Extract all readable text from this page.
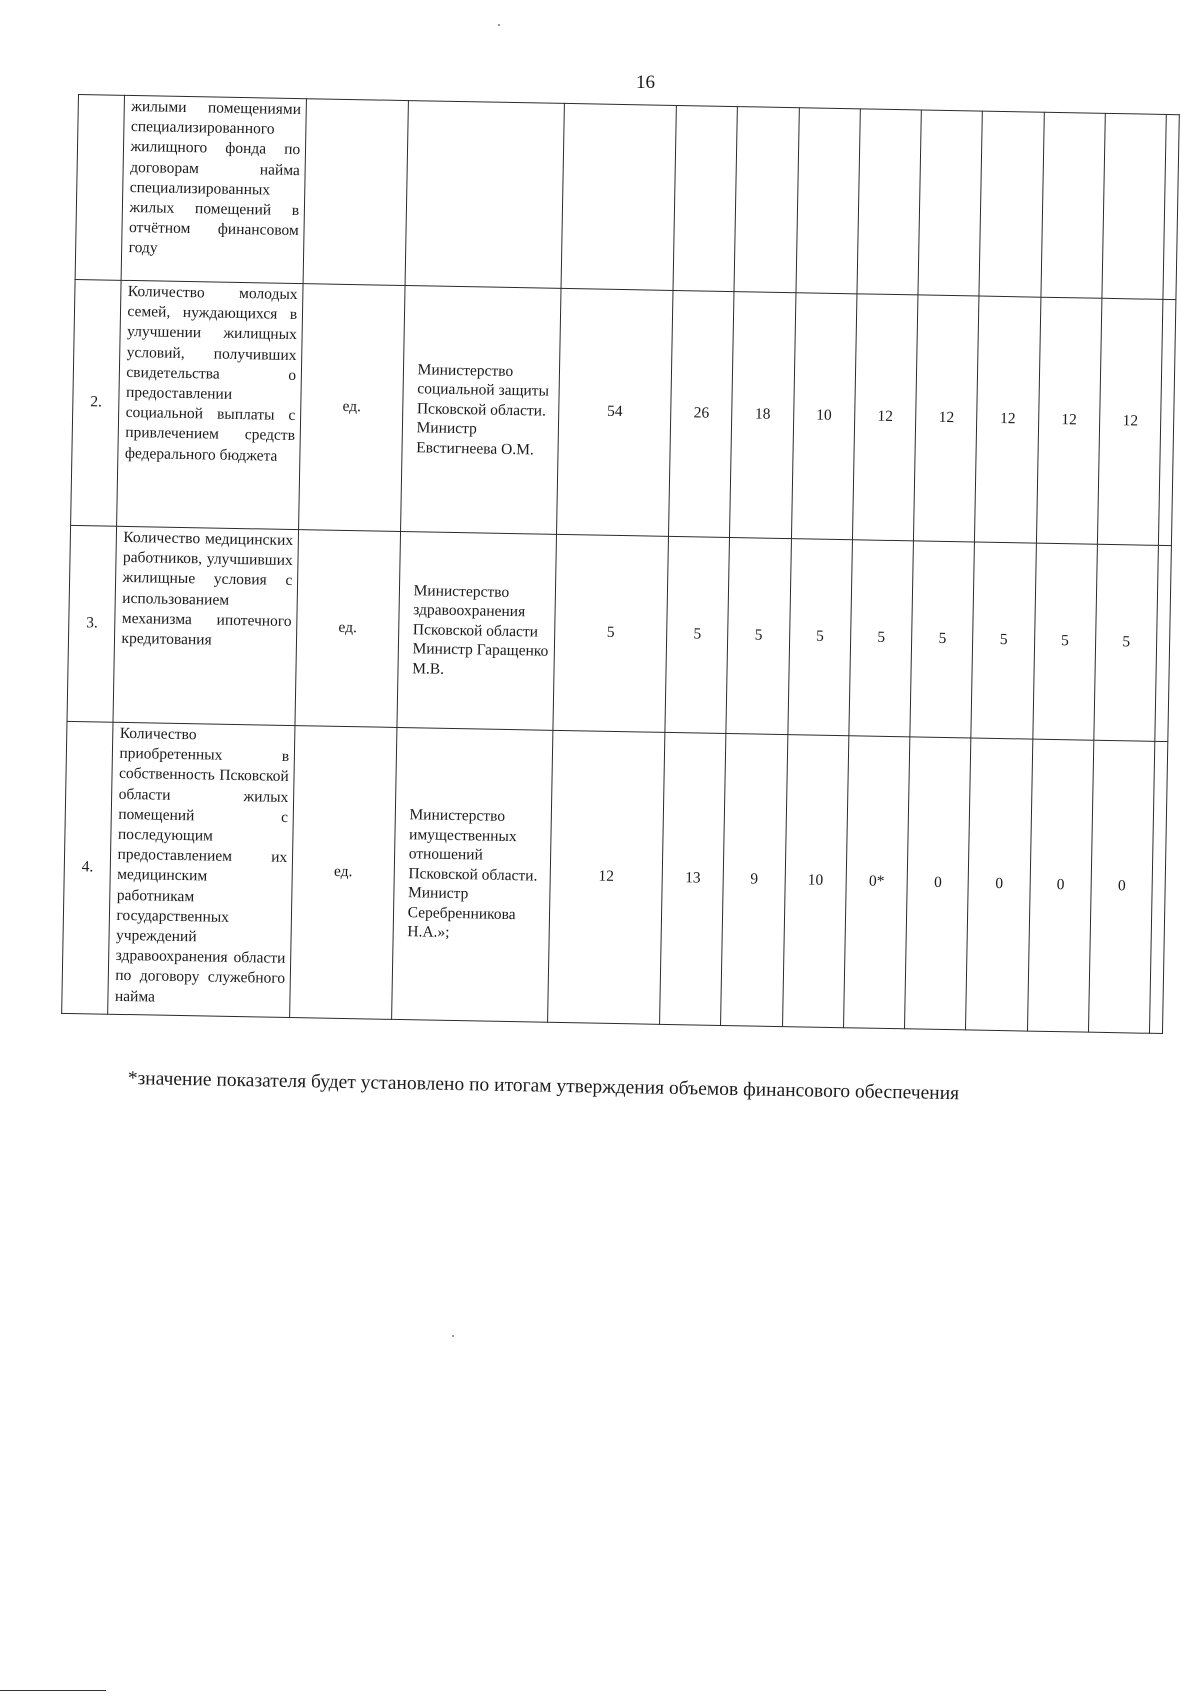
16
	жилыми помещениями специализированного жилищного фонда по договорам найма специализированных жилых помещений в отчётном финансовом году												
2.	Количество молодых семей, нуждающихся в улучшении жилищных условий, получивших свидетельства о предоставлении социальной выплаты с привлечением средств федерального бюджета	ед.	Министерство социальной защиты Псковской области. Министр Евстигнеева О.М.	54	26	18	10	12	12	12	12	12	
3.	Количество медицинских работников, улучшивших жилищные условия с использованием механизма ипотечного кредитования	ед.	Министерство здравоохранения Псковской области Министр Гаращенко М.В.	5	5	5	5	5	5	5	5	5	
4.	Количество приобретенных в собственность Псковской области жилых помещений с последующим предоставлением их медицинским работникам государственных учреждений здравоохранения области по договору служебного найма	ед.	Министерство имущественных отношений Псковской области. Министр Серебренникова Н.А.»;	12	13	9	10	0*	0	0	0	0	
*значение показателя будет установлено по итогам утверждения объемов финансового обеспечения
